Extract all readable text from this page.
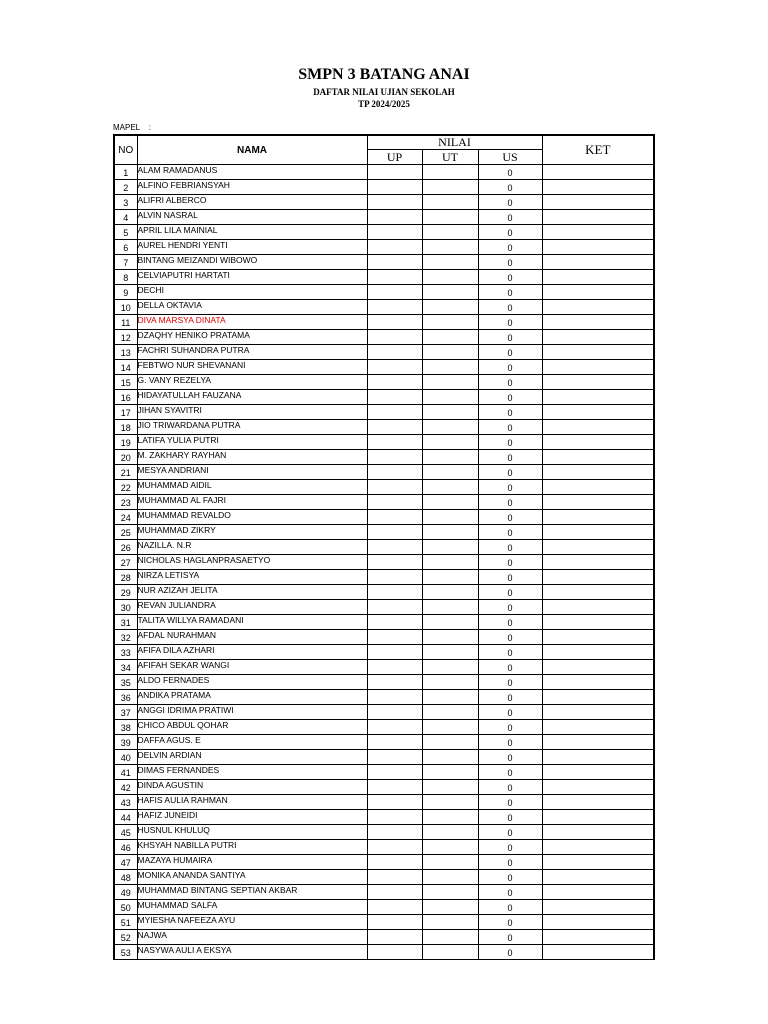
SMPN 3 BATANG ANAI
DAFTAR NILAI UJIAN SEKOLAH
TP 2024/2025
MAPEL    :
NO	NAMA	NILAI			KET
		UP	UT	US	
1	ALAM RAMADANUS			0	
2	ALFINO FEBRIANSYAH			0	
3	ALIFRI ALBERCO			0	
4	ALVIN NASRAL			0	
5	APRIL LILA MAINIAL			0	
6	AUREL HENDRI YENTI			0	
7	BINTANG MEIZANDI WIBOWO			0	
8	CELVIAPUTRI HARTATI			0	
9	DECHI			0	
10	DELLA OKTAVIA			0	
11	DIVA MARSYA DINATA			0	
12	DZAQHY HENIKO PRATAMA			0	
13	FACHRI SUHANDRA PUTRA			0	
14	FEBTWO NUR SHEVANANI			0	
15	G. VANY REZELYA			0	
16	HIDAYATULLAH FAUZANA			0	
17	JIHAN SYAVITRI			0	
18	JIO TRIWARDANA PUTRA			0	
19	LATIFA YULIA PUTRI			0	
20	M. ZAKHARY RAYHAN			0	
21	MESYA ANDRIANI			0	
22	MUHAMMAD AIDIL			0	
23	MUHAMMAD AL FAJRI			0	
24	MUHAMMAD REVALDO			0	
25	MUHAMMAD ZIKRY			0	
26	NAZILLA. N.R			0	
27	NICHOLAS HAGLANPRASAETYO			0	
28	NIRZA LETISYA			0	
29	NUR AZIZAH JELITA			0	
30	REVAN JULIANDRA			0	
31	TALITA WILLYA RAMADANI			0	
32	AFDAL NURAHMAN			0	
33	AFIFA DILA AZHARI			0	
34	AFIFAH SEKAR WANGI			0	
35	ALDO FERNADES			0	
36	ANDIKA PRATAMA			0	
37	ANGGI IDRIMA PRATIWI			0	
38	CHICO ABDUL QOHAR			0	
39	DAFFA AGUS. E			0	
40	DELVIN ARDIAN			0	
41	DIMAS FERNANDES			0	
42	DINDA AGUSTIN			0	
43	HAFIS AULIA RAHMAN			0	
44	HAFIZ JUNEIDI			0	
45	HUSNUL KHULUQ			0	
46	KHSYAH NABILLA PUTRI			0	
47	MAZAYA HUMAIRA			0	
48	MONIKA ANANDA SANTIYA			0	
49	MUHAMMAD BINTANG SEPTIAN AKBAR			0	
50	MUHAMMAD SALFA			0	
51	MYIESHA NAFEEZA AYU			0	
52	NAJWA			0	
53	NASYWA AULI A EKSYA			0	
